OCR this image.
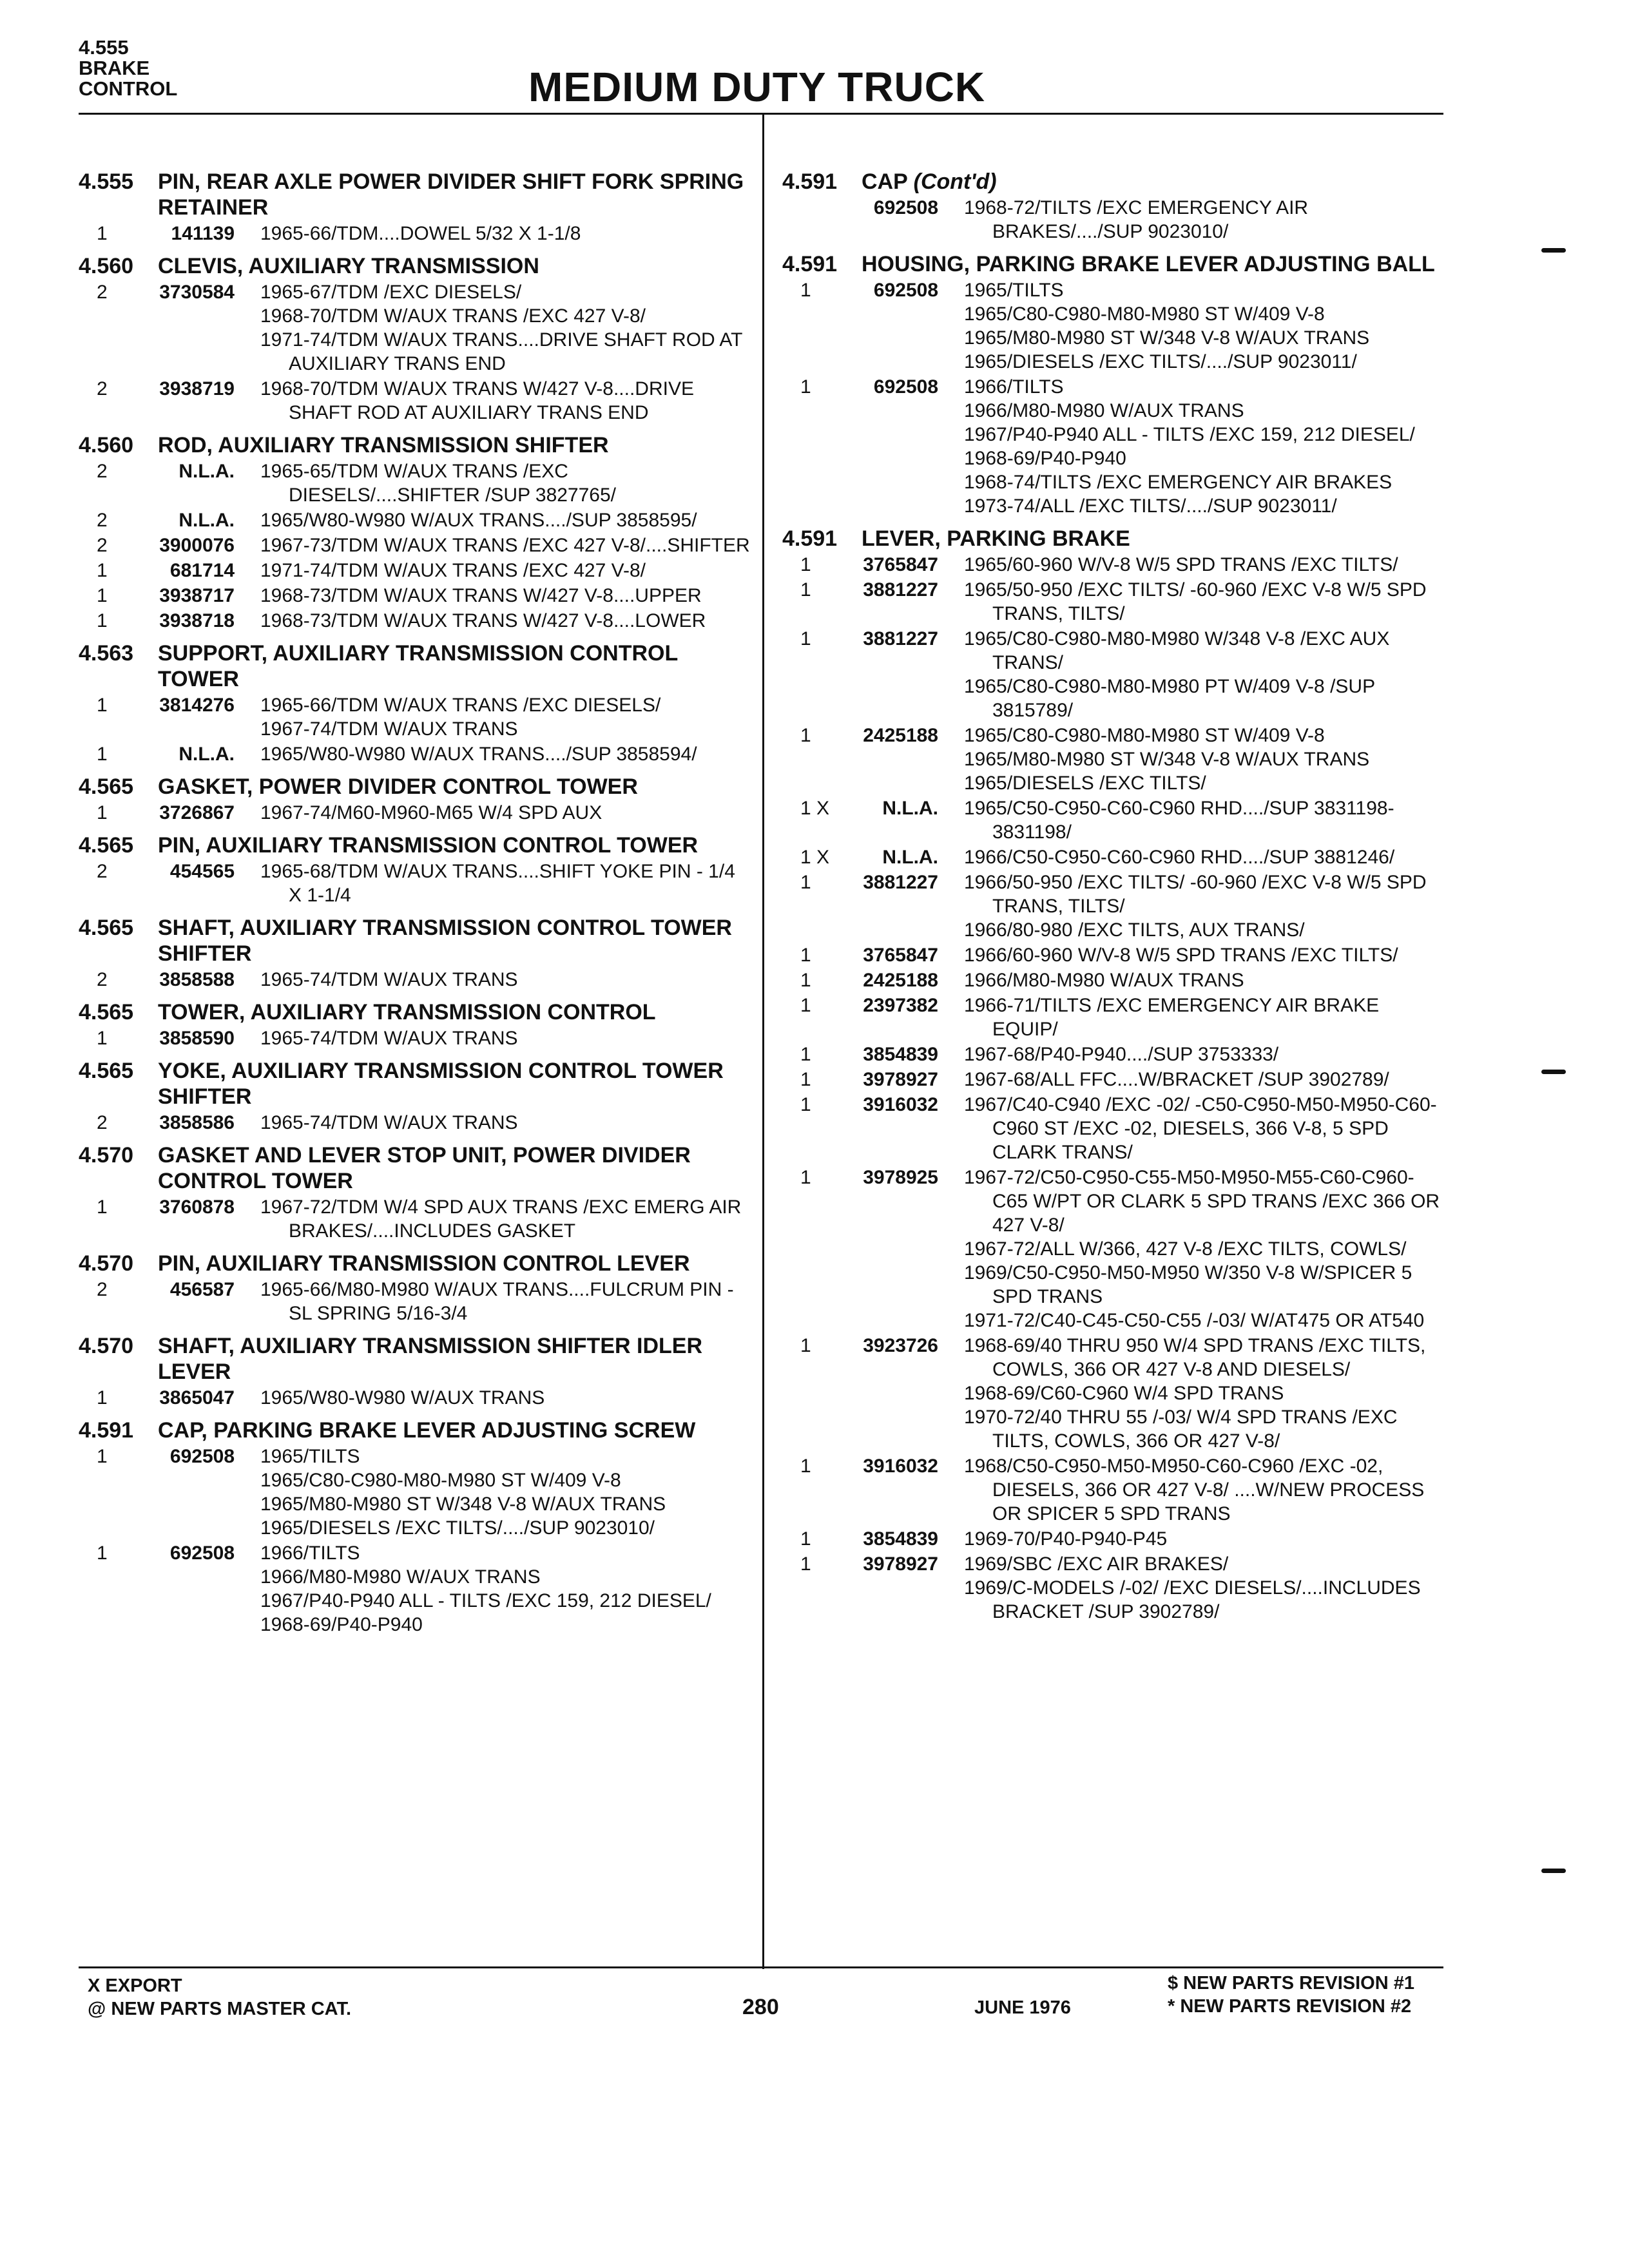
4.555
BRAKE
CONTROL	MEDIUM DUTY TRUCK
4.555	PIN, REAR AXLE POWER DIVIDER SHIFT FORK SPRING RETAINER
1	141139	1965-66/TDM....DOWEL 5/32 X 1-1/8
4.560	CLEVIS, AUXILIARY TRANSMISSION
2	3730584	1965-67/TDM /EXC DIESELS/
1968-70/TDM W/AUX TRANS /EXC 427 V-8/
1971-74/TDM W/AUX TRANS....DRIVE SHAFT ROD AT AUXILIARY TRANS END
2	3938719	1968-70/TDM W/AUX TRANS W/427 V-8....DRIVE SHAFT ROD AT AUXILIARY TRANS END
4.560	ROD, AUXILIARY TRANSMISSION SHIFTER
2	N.L.A.	1965-65/TDM W/AUX TRANS /EXC DIESELS/....SHIFTER /SUP 3827765/
2	N.L.A.	1965/W80-W980 W/AUX TRANS..../SUP 3858595/
2	3900076	1967-73/TDM W/AUX TRANS /EXC 427 V-8/....SHIFTER
1	681714	1971-74/TDM W/AUX TRANS /EXC 427 V-8/
1	3938717	1968-73/TDM W/AUX TRANS W/427 V-8....UPPER
1	3938718	1968-73/TDM W/AUX TRANS W/427 V-8....LOWER
4.563	SUPPORT, AUXILIARY TRANSMISSION CONTROL TOWER
1	3814276	1965-66/TDM W/AUX TRANS /EXC DIESELS/
1967-74/TDM W/AUX TRANS
1	N.L.A.	1965/W80-W980 W/AUX TRANS..../SUP 3858594/
4.565	GASKET, POWER DIVIDER CONTROL TOWER
1	3726867	1967-74/M60-M960-M65 W/4 SPD AUX
4.565	PIN, AUXILIARY TRANSMISSION CONTROL TOWER
2	454565	1965-68/TDM W/AUX TRANS....SHIFT YOKE PIN - 1/4 X 1-1/4
4.565	SHAFT, AUXILIARY TRANSMISSION CONTROL TOWER SHIFTER
2	3858588	1965-74/TDM W/AUX TRANS
4.565	TOWER, AUXILIARY TRANSMISSION CONTROL
1	3858590	1965-74/TDM W/AUX TRANS
4.565	YOKE, AUXILIARY TRANSMISSION CONTROL TOWER SHIFTER
2	3858586	1965-74/TDM W/AUX TRANS
4.570	GASKET AND LEVER STOP UNIT, POWER DIVIDER CONTROL TOWER
1	3760878	1967-72/TDM W/4 SPD AUX TRANS /EXC EMERG AIR BRAKES/....INCLUDES GASKET
4.570	PIN, AUXILIARY TRANSMISSION CONTROL LEVER
2	456587	1965-66/M80-M980 W/AUX TRANS....FULCRUM PIN - SL SPRING 5/16-3/4
4.570	SHAFT, AUXILIARY TRANSMISSION SHIFTER IDLER LEVER
1	3865047	1965/W80-W980 W/AUX TRANS
4.591	CAP, PARKING BRAKE LEVER ADJUSTING SCREW
1	692508	1965/TILTS
1965/C80-C980-M80-M980 ST W/409 V-8
1965/M80-M980 ST W/348 V-8 W/AUX TRANS
1965/DIESELS /EXC TILTS/..../SUP 9023010/
1	692508	1966/TILTS
1966/M80-M980 W/AUX TRANS
1967/P40-P940 ALL - TILTS /EXC 159, 212 DIESEL/
1968-69/P40-P940
4.591	CAP (Cont'd)
692508	1968-72/TILTS /EXC EMERGENCY AIR BRAKES/..../SUP 9023010/
4.591	HOUSING, PARKING BRAKE LEVER ADJUSTING BALL
1	692508	1965/TILTS
1965/C80-C980-M80-M980 ST W/409 V-8
1965/M80-M980 ST W/348 V-8 W/AUX TRANS
1965/DIESELS /EXC TILTS/..../SUP 9023011/
1	692508	1966/TILTS
1966/M80-M980 W/AUX TRANS
1967/P40-P940 ALL - TILTS /EXC 159, 212 DIESEL/
1968-69/P40-P940
1968-74/TILTS /EXC EMERGENCY AIR BRAKES
1973-74/ALL /EXC TILTS/..../SUP 9023011/
4.591	LEVER, PARKING BRAKE
1	3765847	1965/60-960 W/V-8 W/5 SPD TRANS /EXC TILTS/
1	3881227	1965/50-950 /EXC TILTS/ -60-960 /EXC V-8 W/5 SPD TRANS, TILTS/
1	3881227	1965/C80-C980-M80-M980 W/348 V-8 /EXC AUX TRANS/
1965/C80-C980-M80-M980 PT W/409 V-8 /SUP 3815789/
1	2425188	1965/C80-C980-M80-M980 ST W/409 V-8
1965/M80-M980 ST W/348 V-8 W/AUX TRANS
1965/DIESELS /EXC TILTS/
1 X	N.L.A.	1965/C50-C950-C60-C960 RHD..../SUP 3831198-3831198/
1 X	N.L.A.	1966/C50-C950-C60-C960 RHD..../SUP 3881246/
1	3881227	1966/50-950 /EXC TILTS/ -60-960 /EXC V-8 W/5 SPD TRANS, TILTS/
1966/80-980 /EXC TILTS, AUX TRANS/
1	3765847	1966/60-960 W/V-8 W/5 SPD TRANS /EXC TILTS/
1	2425188	1966/M80-M980 W/AUX TRANS
1	2397382	1966-71/TILTS /EXC EMERGENCY AIR BRAKE EQUIP/
1	3854839	1967-68/P40-P940..../SUP 3753333/
1	3978927	1967-68/ALL FFC....W/BRACKET /SUP 3902789/
1	3916032	1967/C40-C940 /EXC -02/ -C50-C950-M50-M950-C60-C960 ST /EXC -02, DIESELS, 366 V-8, 5 SPD CLARK TRANS/
1	3978925	1967-72/C50-C950-C55-M50-M950-M55-C60-C960-C65 W/PT OR CLARK 5 SPD TRANS /EXC 366 OR 427 V-8/
1967-72/ALL W/366, 427 V-8 /EXC TILTS, COWLS/
1969/C50-C950-M50-M950 W/350 V-8 W/SPICER 5 SPD TRANS
1971-72/C40-C45-C50-C55 /-03/ W/AT475 OR AT540
1	3923726	1968-69/40 THRU 950 W/4 SPD TRANS /EXC TILTS, COWLS, 366 OR 427 V-8 AND DIESELS/
1968-69/C60-C960 W/4 SPD TRANS
1970-72/40 THRU 55 /-03/ W/4 SPD TRANS /EXC TILTS, COWLS, 366 OR 427 V-8/
1	3916032	1968/C50-C950-M50-M950-C60-C960 /EXC -02, DIESELS, 366 OR 427 V-8/ ....W/NEW PROCESS OR SPICER 5 SPD TRANS
1	3854839	1969-70/P40-P940-P45
1	3978927	1969/SBC /EXC AIR BRAKES/
1969/C-MODELS /-02/ /EXC DIESELS/....INCLUDES BRACKET /SUP 3902789/
X EXPORT
@ NEW PARTS MASTER CAT.	280	JUNE 1976
$ NEW PARTS REVISION #1
* NEW PARTS REVISION #2
